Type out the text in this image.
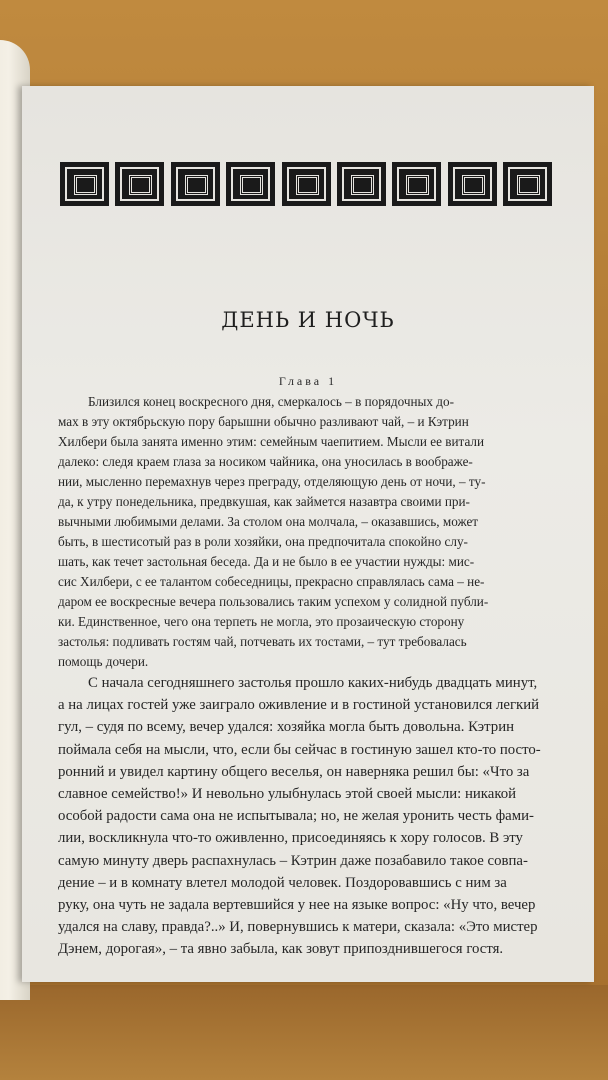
ДЕНЬ И НОЧЬ
Глава 1
Близился конец воскресного дня, смеркалось – в порядочных до-
мах в эту октябрьскую пору барышни обычно разливают чай, – и Кэтрин
Хилбери была занята именно этим: семейным чаепитием. Мысли ее витали
далеко: следя краем глаза за носиком чайника, она уносилась в воображе-
нии, мысленно перемахнув через преграду, отделяющую день от ночи, – ту-
да, к утру понедельника, предвкушая, как займется назавтра своими при-
вычными любимыми делами. За столом она молчала, – оказавшись, может
быть, в шестисотый раз в роли хозяйки, она предпочитала спокойно слу-
шать, как течет застольная беседа. Да и не было в ее участии нужды: мис-
сис Хилбери, с ее талантом собеседницы, прекрасно справлялась сама – не-
даром ее воскресные вечера пользовались таким успехом у солидной публи-
ки. Единственное, чего она терпеть не могла, это прозаическую сторону
застолья: подливать гостям чай, потчевать их тостами, – тут требовалась
помощь дочери.
С начала сегодняшнего застолья прошло каких-нибудь двадцать минут,
а на лицах гостей уже заиграло оживление и в гостиной установился легкий
гул, – судя по всему, вечер удался: хозяйка могла быть довольна. Кэтрин
поймала себя на мысли, что, если бы сейчас в гостиную зашел кто-то посто-
ронний и увидел картину общего веселья, он наверняка решил бы: «Что за
славное семейство!» И невольно улыбнулась этой своей мысли: никакой
особой радости сама она не испытывала; но, не желая уронить честь фами-
лии, воскликнула что-то оживленно, присоединяясь к хору голосов. В эту
самую минуту дверь распахнулась – Кэтрин даже позабавило такое совпа-
дение – и в комнату влетел молодой человек. Поздоровавшись с ним за
руку, она чуть не задала вертевшийся у нее на языке вопрос: «Ну что, вечер
удался на славу, правда?..» И, повернувшись к матери, сказала: «Это мистер
Дэнем, дорогая», – та явно забыла, как зовут припозднившегося гостя.
